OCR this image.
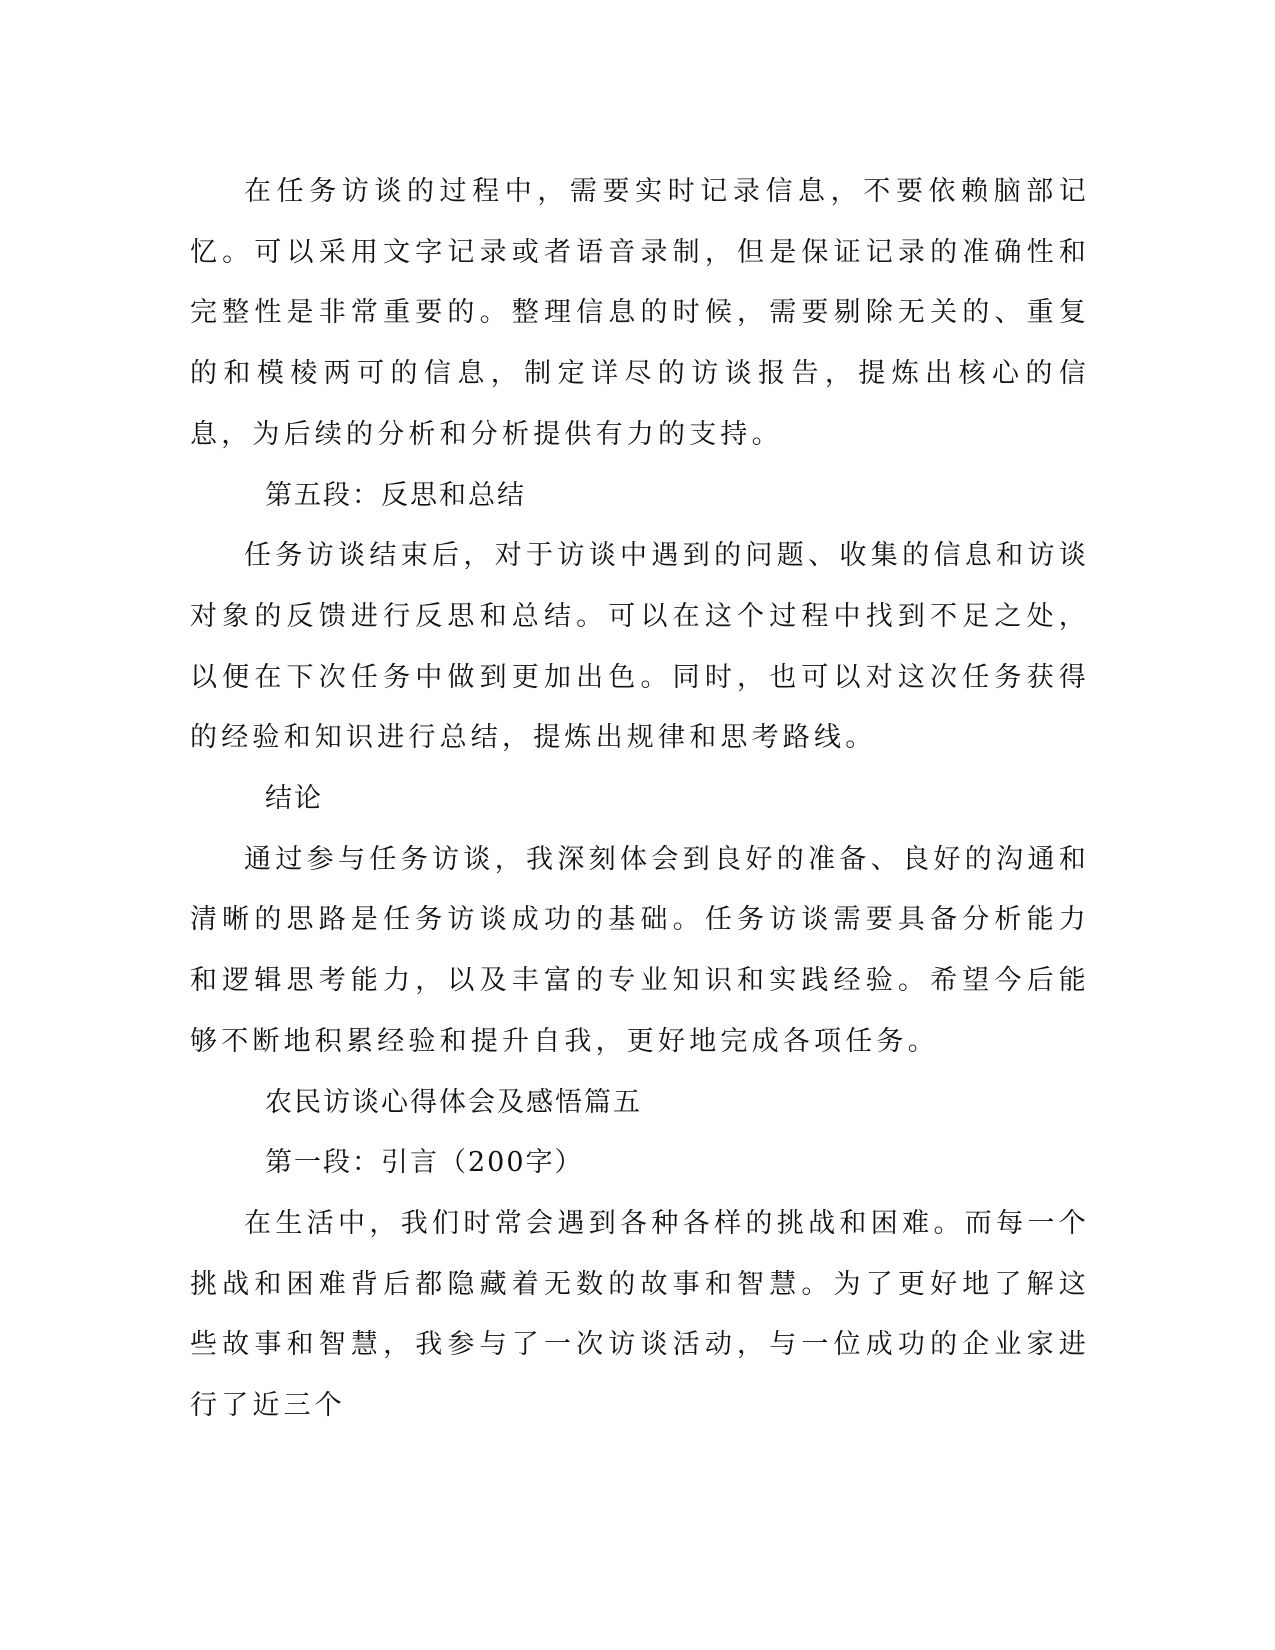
在任务访谈的过程中，需要实时记录信息，不要依赖脑部记忆。可以采用文字记录或者语音录制，但是保证记录的准确性和完整性是非常重要的。整理信息的时候，需要剔除无关的、重复的和模棱两可的信息，制定详尽的访谈报告，提炼出核心的信息，为后续的分析和分析提供有力的支持。

第五段：反思和总结

任务访谈结束后，对于访谈中遇到的问题、收集的信息和访谈对象的反馈进行反思和总结。可以在这个过程中找到不足之处，以便在下次任务中做到更加出色。同时，也可以对这次任务获得的经验和知识进行总结，提炼出规律和思考路线。

结论

通过参与任务访谈，我深刻体会到良好的准备、良好的沟通和清晰的思路是任务访谈成功的基础。任务访谈需要具备分析能力和逻辑思考能力，以及丰富的专业知识和实践经验。希望今后能够不断地积累经验和提升自我，更好地完成各项任务。

农民访谈心得体会及感悟篇五

第一段：引言（200字）

在生活中，我们时常会遇到各种各样的挑战和困难。而每一个挑战和困难背后都隐藏着无数的故事和智慧。为了更好地了解这些故事和智慧，我参与了一次访谈活动，与一位成功的企业家进行了近三个
